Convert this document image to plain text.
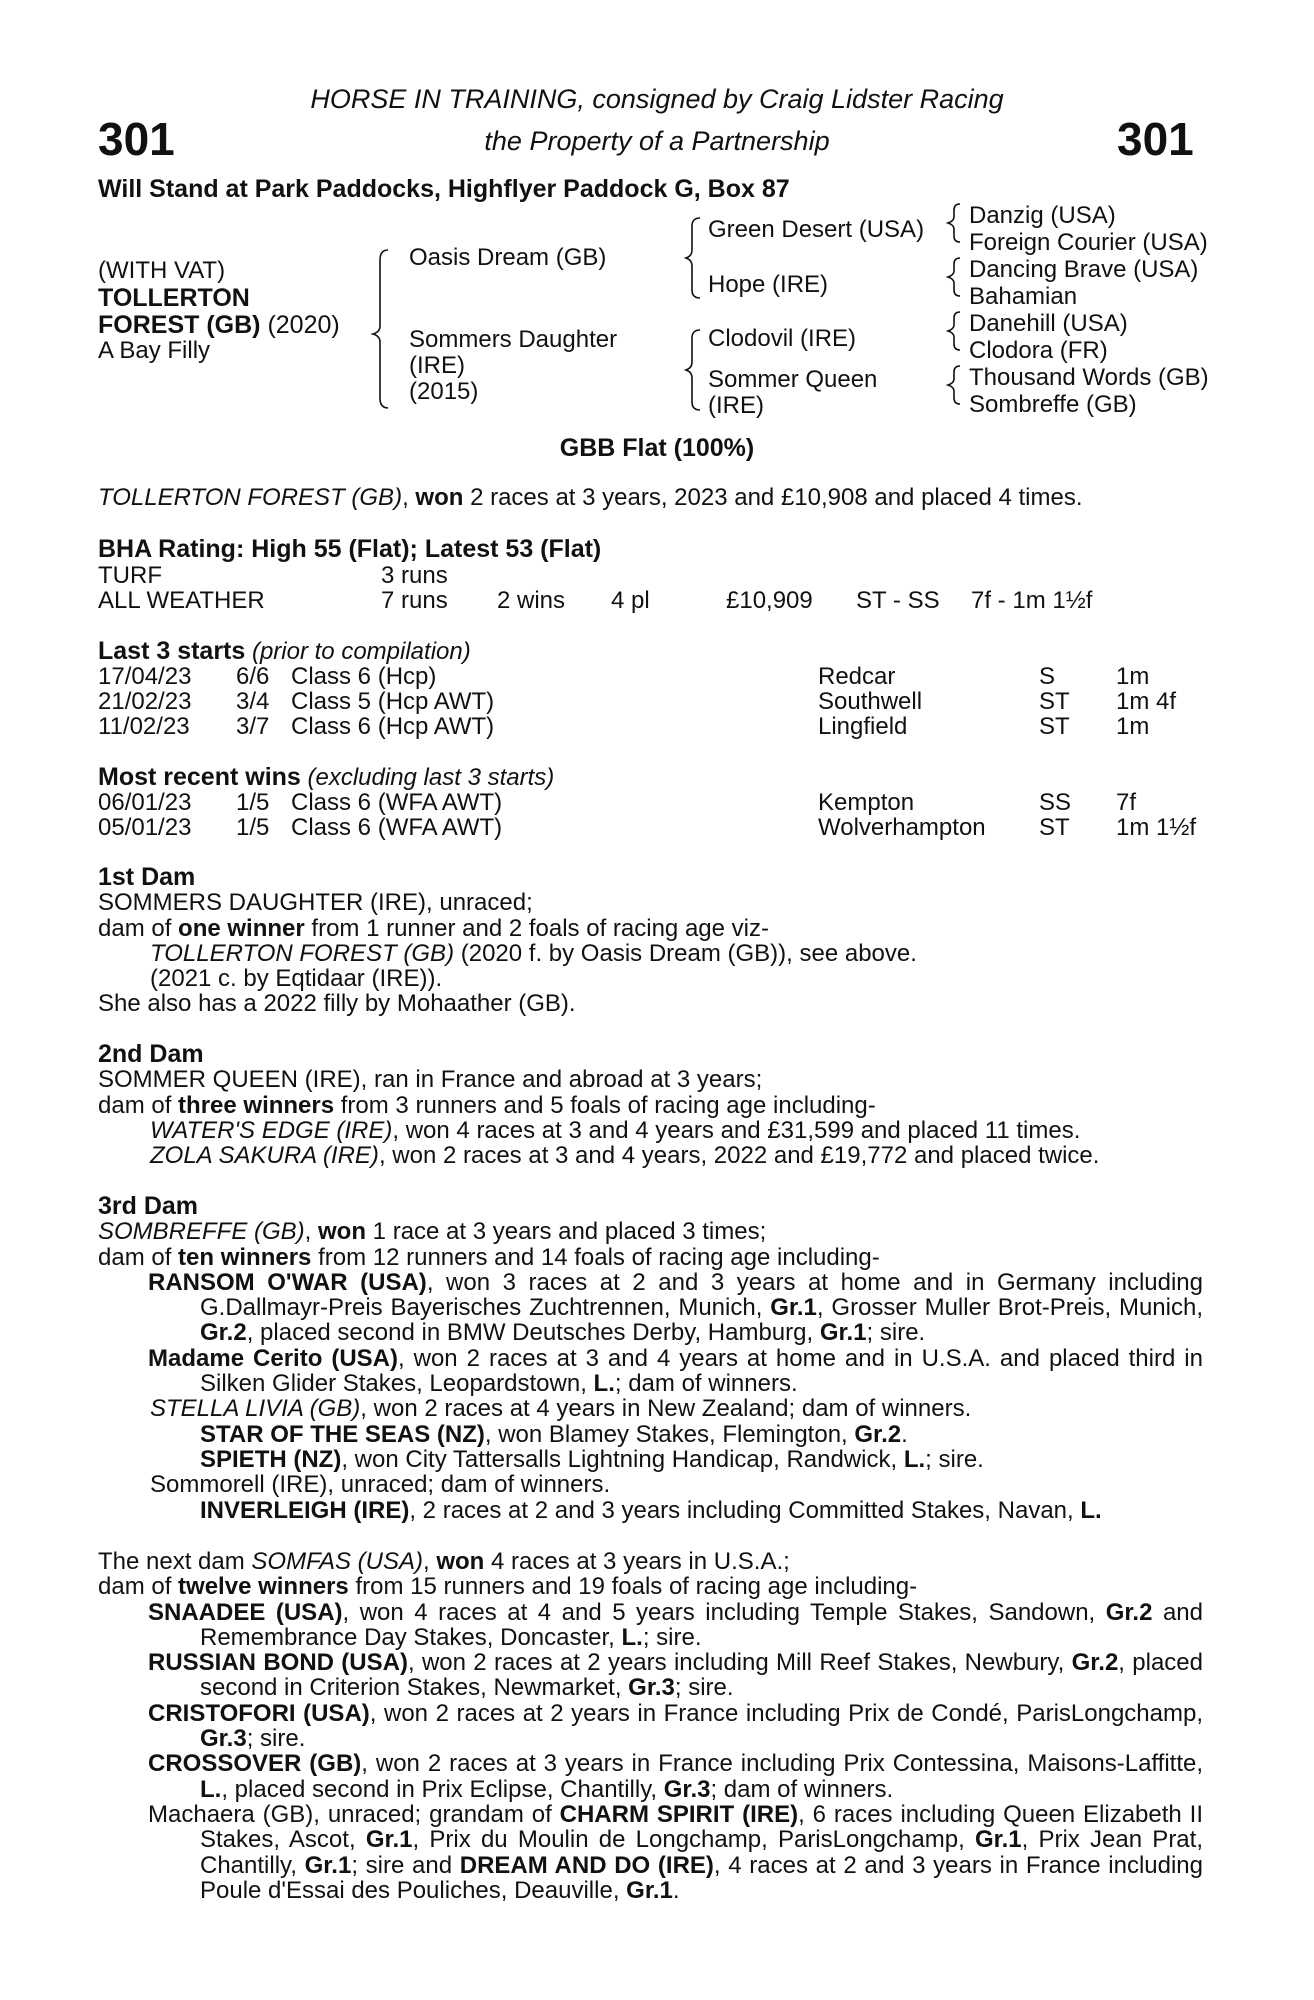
301	301
HORSE IN TRAINING, consigned by Craig Lidster Racing
the Property of a Partnership
Will Stand at Park Paddocks, Highflyer Paddock G, Box 87
(WITH VAT)
TOLLERTON
FOREST (GB) (2020)
A Bay Filly
Oasis Dream (GB)
Sommers Daughter
(IRE)
(2015)
Green Desert (USA)
Hope (IRE)
Clodovil (IRE)
Sommer Queen
(IRE)
Danzig (USA)
Foreign Courier (USA)
Dancing Brave (USA)
Bahamian
Danehill (USA)
Clodora (FR)
Thousand Words (GB)
Sombreffe (GB)
GBB Flat (100%)
TOLLERTON FOREST (GB), won 2 races at 3 years, 2023 and £10,908 and placed 4 times.
BHA Rating: High 55 (Flat); Latest 53 (Flat)
TURF	3 runs
ALL WEATHER	7 runs 2 wins 4 pl	£10,909 ST - SS 7f - 1m 1½f
Last 3 starts (prior to compilation)
17/04/23 6/6 Class 6 (Hcp)	Redcar	S	1m
21/02/23 3/4 Class 5 (Hcp AWT)	Southwell	ST 1m 4f
11/02/23 3/7 Class 6 (Hcp AWT)	Lingfield	ST 1m
Most recent wins (excluding last 3 starts)
06/01/23 1/5 Class 6 (WFA AWT)	Kempton	SS 7f
05/01/23 1/5 Class 6 (WFA AWT)	Wolverhampton ST 1m 1½f

1st Dam

SOMMERS DAUGHTER (IRE), unraced;

dam of one winner from 1 runner and 2 foals of racing age viz-

TOLLERTON FOREST (GB) (2020 f. by Oasis Dream (GB)), see above.

(2021 c. by Eqtidaar (IRE)).

She also has a 2022 filly by Mohaather (GB).

2nd Dam

SOMMER QUEEN (IRE), ran in France and abroad at 3 years;

dam of three winners from 3 runners and 5 foals of racing age including-

WATER'S EDGE (IRE), won 4 races at 3 and 4 years and £31,599 and placed 11 times.

ZOLA SAKURA (IRE), won 2 races at 3 and 4 years, 2022 and £19,772 and placed twice.

3rd Dam

SOMBREFFE (GB), won 1 race at 3 years and placed 3 times;

dam of ten winners from 12 runners and 14 foals of racing age including-

RANSOM O'WAR (USA), won 3 races at 2 and 3 years at home and in Germany including G.Dallmayr-Preis Bayerisches Zuchtrennen, Munich, Gr.1, Grosser Muller Brot-Preis, Munich, Gr.2, placed second in BMW Deutsches Derby, Hamburg, Gr.1; sire.

Madame Cerito (USA), won 2 races at 3 and 4 years at home and in U.S.A. and placed third in Silken Glider Stakes, Leopardstown, L.; dam of winners.

STELLA LIVIA (GB), won 2 races at 4 years in New Zealand; dam of winners.

STAR OF THE SEAS (NZ), won Blamey Stakes, Flemington, Gr.2.

SPIETH (NZ), won City Tattersalls Lightning Handicap, Randwick, L.; sire.

Sommorell (IRE), unraced; dam of winners.

INVERLEIGH (IRE), 2 races at 2 and 3 years including Committed Stakes, Navan, L.

The next dam SOMFAS (USA), won 4 races at 3 years in U.S.A.;

dam of twelve winners from 15 runners and 19 foals of racing age including-

SNAADEE (USA), won 4 races at 4 and 5 years including Temple Stakes, Sandown, Gr.2 and Remembrance Day Stakes, Doncaster, L.; sire.

RUSSIAN BOND (USA), won 2 races at 2 years including Mill Reef Stakes, Newbury, Gr.2, placed second in Criterion Stakes, Newmarket, Gr.3; sire.

CRISTOFORI (USA), won 2 races at 2 years in France including Prix de Condé, ParisLongchamp, Gr.3; sire.

CROSSOVER (GB), won 2 races at 3 years in France including Prix Contessina, Maisons-Laffitte, L., placed second in Prix Eclipse, Chantilly, Gr.3; dam of winners.

Machaera (GB), unraced; grandam of CHARM SPIRIT (IRE), 6 races including Queen Elizabeth II Stakes, Ascot, Gr.1, Prix du Moulin de Longchamp, ParisLongchamp, Gr.1, Prix Jean Prat, Chantilly, Gr.1; sire and DREAM AND DO (IRE), 4 races at 2 and 3 years in France including Poule d'Essai des Pouliches, Deauville, Gr.1.
